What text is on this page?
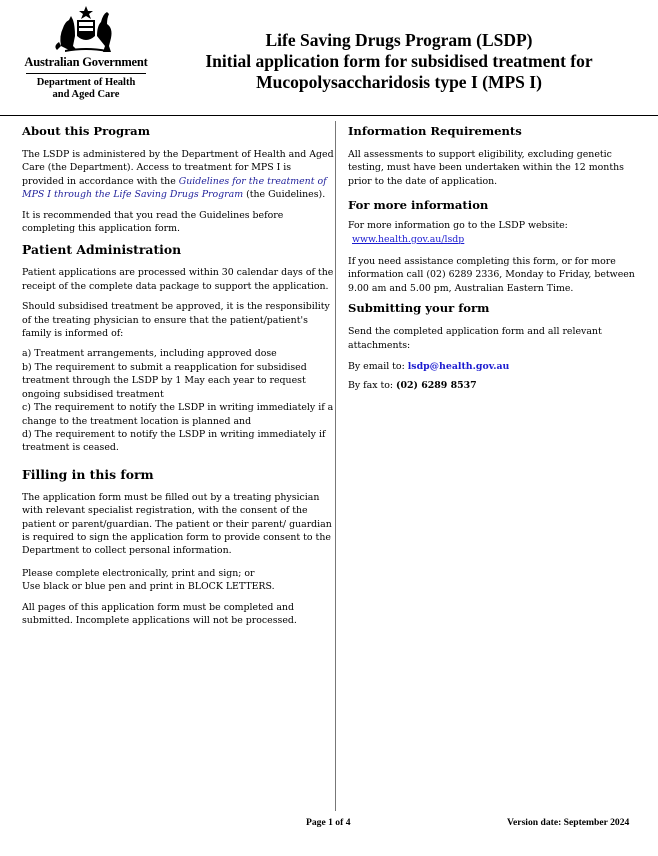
Australian Government
Department of Health
and Aged Care
Life Saving Drugs Program (LSDP)
Initial application form for subsidised treatment for
Mucopolysaccharidosis type I (MPS I)
About this Program

The LSDP is administered by the Department of Health and Aged Care (the Department). Access to treatment for MPS I is provided in accordance with the Guidelines for the treatment of MPS I through the Life Saving Drugs Program (the Guidelines).

It is recommended that you read the Guidelines before completing this application form.

Patient Administration

Patient applications are processed within 30 calendar days of the receipt of the complete data package to support the application.

Should subsidised treatment be approved, it is the responsibility of the treating physician to ensure that the patient/patient's family is informed of:

a) Treatment arrangements, including approved dose
b) The requirement to submit a reapplication for subsidised treatment through the LSDP by 1 May each year to request ongoing subsidised treatment
c) The requirement to notify the LSDP in writing immediately if a change to the treatment location is planned and
d) The requirement to notify the LSDP in writing immediately if treatment is ceased.
Filling in this form

The application form must be filled out by a treating physician with relevant specialist registration, with the consent of the patient or parent/guardian. The patient or their parent/ guardian is required to sign the application form to provide consent to the Department to collect personal information.

Please complete electronically, print and sign; or
Use black or blue pen and print in BLOCK LETTERS.

All pages of this application form must be completed and submitted. Incomplete applications will not be processed.

Information Requirements

All assessments to support eligibility, excluding genetic testing, must have been undertaken within the 12 months prior to the date of application.

For more information

For more information go to the LSDP website:

www.health.gov.au/lsdp

If you need assistance completing this form, or for more information call (02) 6289 2336, Monday to Friday, between 9.00 am and 5.00 pm, Australian Eastern Time.

Submitting your form

Send the completed application form and all relevant attachments:

By email to: lsdp@health.gov.au

By fax to: (02) 6289 8537

Page 1 of 4	Version date: September 2024
